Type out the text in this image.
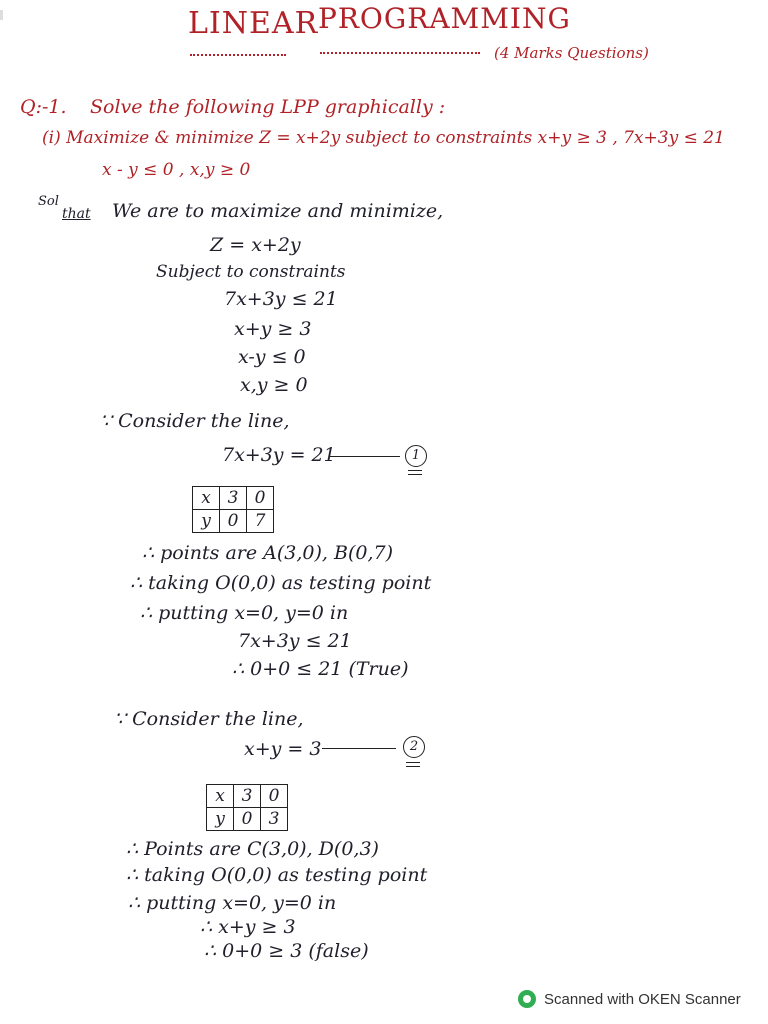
LINEAR PROGRAMMING
(4 Marks Questions)
Q:-1. Solve the following LPP graphically :
(i) Maximize & minimize Z = x+2y subject to constraints x+y ≥ 3 , 7x+3y ≤ 21
x - y ≤ 0 , x,y ≥ 0
Sol
that We are to maximize and minimize,
Z = x+2y
Subject to constraints
7x+3y ≤ 21
x+y ≥ 3
x-y ≤ 0
x,y ≥ 0
∵ Consider the line,
7x+3y = 21	1
x	3	0
y	0	7
∴ points are A(3,0), B(0,7)
∴ taking O(0,0) as testing point
∴ putting x=0, y=0 in
7x+3y ≤ 21
∴ 0+0 ≤ 21 (True)
∵ Consider the line,
x+y = 3	2
x	3	0
y	0	3
∴ Points are C(3,0), D(0,3)
∴ taking O(0,0) as testing point
∴ putting x=0, y=0 in
∴ x+y ≥ 3
∴ 0+0 ≥ 3 (false)
Scanned with OKEN Scanner
